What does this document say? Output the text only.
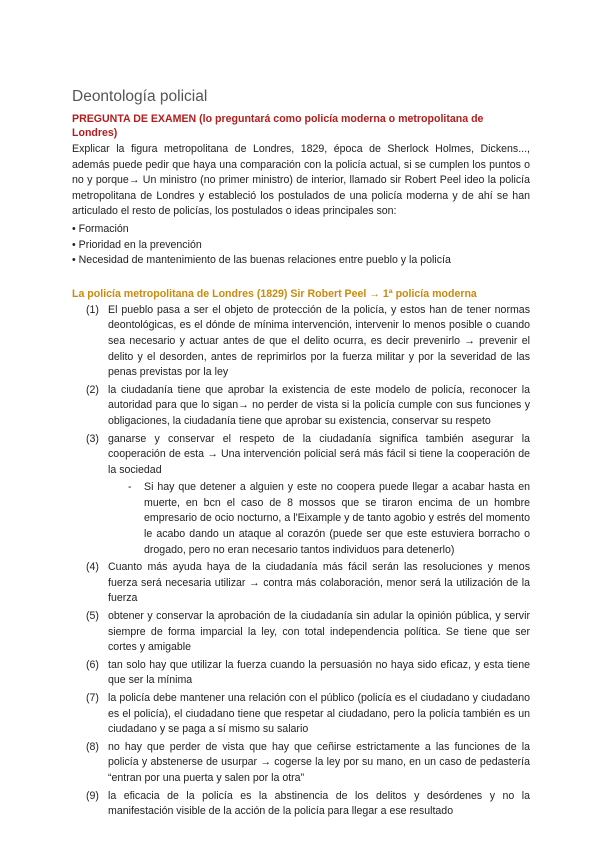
Deontología policial

PREGUNTA DE EXAMEN (lo preguntará como policía moderna o metropolitana de Londres)

Explicar la figura metropolitana de Londres, 1829, época de Sherlock Holmes, Dickens..., además puede pedir que haya una comparación con la policía actual, si se cumplen los puntos o no y porque→ Un ministro (no primer ministro) de interior, llamado sir Robert Peel ideo la policía metropolitana de Londres y estableció los postulados de una policía moderna y de ahí se han articulado el resto de policías, los postulados o ideas principales son:

• Formación
• Prioridad en la prevención
• Necesidad de mantenimiento de las buenas relaciones entre pueblo y la policía

La policía metropolitana de Londres (1829) Sir Robert Peel → 1ª policía moderna

(1) El pueblo pasa a ser el objeto de protección de la policía, y estos han de tener normas deontológicas, es el dónde de mínima intervención, intervenir lo menos posible o cuando sea necesario y actuar antes de que el delito ocurra, es decir prevenirlo → prevenir el delito y el desorden, antes de reprimirlos por la fuerza militar y por la severidad de las penas previstas por la ley
(2) la ciudadanía tiene que aprobar la existencia de este modelo de policía, reconocer la autoridad para que lo sigan→ no perder de vista si la policía cumple con sus funciones y obligaciones, la ciudadanía tiene que aprobar su existencia, conservar su respeto
(3) ganarse y conservar el respeto de la ciudadanía significa también asegurar la cooperación de esta → Una intervención policial será más fácil si tiene la cooperación de la sociedad
- Si hay que detener a alguien y este no coopera puede llegar a acabar hasta en muerte, en bcn el caso de 8 mossos que se tiraron encima de un hombre empresario de ocio nocturno, a l'Eixample y de tanto agobio y estrés del momento le acabo dando un ataque al corazón (puede ser que este estuviera borracho o drogado, pero no eran necesario tantos individuos para detenerlo)
(4) Cuanto más ayuda haya de la ciudadanía más fácil serán las resoluciones y menos fuerza será necesaria utilizar → contra más colaboración, menor será la utilización de la fuerza
(5) obtener y conservar la aprobación de la ciudadanía sin adular la opinión pública, y servir siempre de forma imparcial la ley, con total independencia política. Se tiene que ser cortes y amigable
(6) tan solo hay que utilizar la fuerza cuando la persuasión no haya sido eficaz, y esta tiene que ser la mínima
(7) la policía debe mantener una relación con el público (policía es el ciudadano y ciudadano es el policía), el ciudadano tiene que respetar al ciudadano, pero la policía también es un ciudadano y se paga a sí mismo su salario
(8) no hay que perder de vista que hay que ceñirse estrictamente a las funciones de la policía y abstenerse de usurpar → cogerse la ley por su mano, en un caso de pedastería “entran por una puerta y salen por la otra”
(9) la eficacia de la policía es la abstinencia de los delitos y desórdenes y no la manifestación visible de la acción de la policía para llegar a ese resultado
